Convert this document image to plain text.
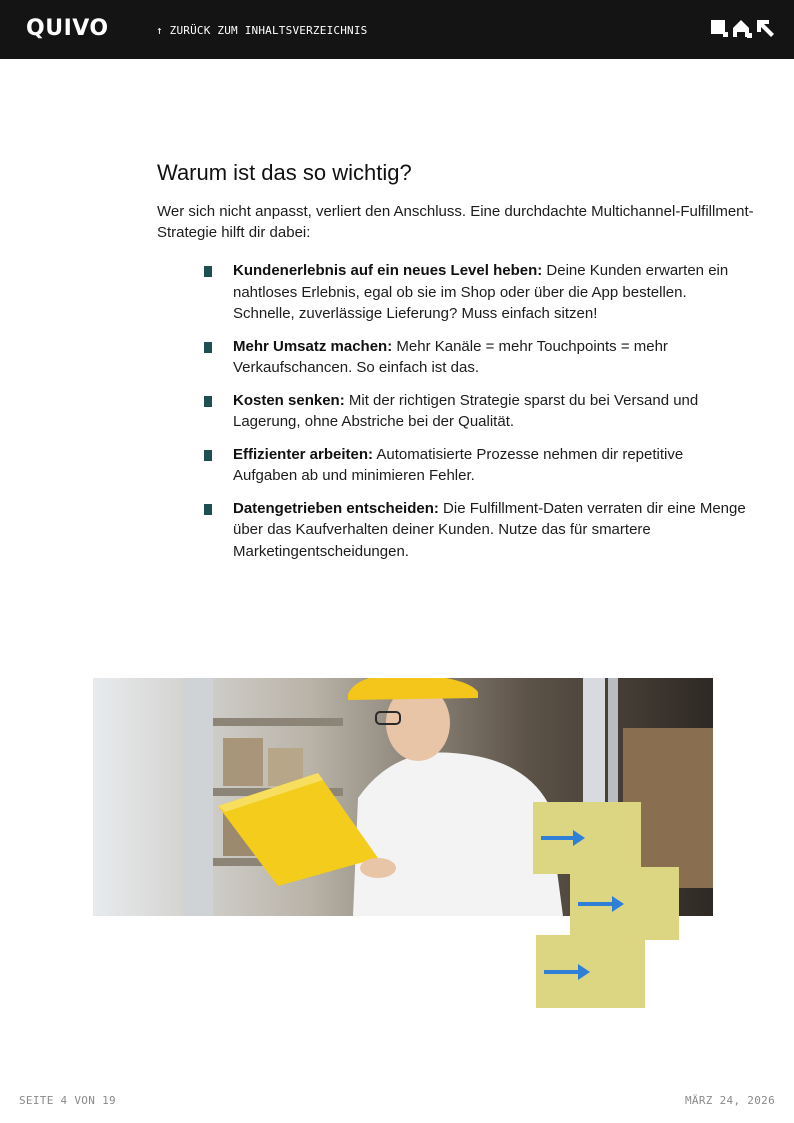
QUIVO	↑ ZURÜCK ZUM INHALTSVERZEICHNIS
Warum ist das so wichtig?

Wer sich nicht anpasst, verliert den Anschluss. Eine durchdachte Multichannel-Fulfillment-Strategie hilft dir dabei:

Kundenerlebnis auf ein neues Level heben: Deine Kunden erwarten ein nahtloses Erlebnis, egal ob sie im Shop oder über die App bestellen. Schnelle, zuverlässige Lieferung? Muss einfach sitzen!
Mehr Umsatz machen: Mehr Kanäle = mehr Touchpoints = mehr Verkaufschancen. So einfach ist das.
Kosten senken: Mit der richtigen Strategie sparst du bei Versand und Lagerung, ohne Abstriche bei der Qualität.
Effizienter arbeiten: Automatisierte Prozesse nehmen dir repetitive Aufgaben ab und minimieren Fehler.
Datengetrieben entscheiden: Die Fulfillment-Daten verraten dir eine Menge über das Kaufverhalten deiner Kunden. Nutze das für smartere Marketingentscheidungen.
SEITE 4 VON 19	MÄRZ 24, 2026
